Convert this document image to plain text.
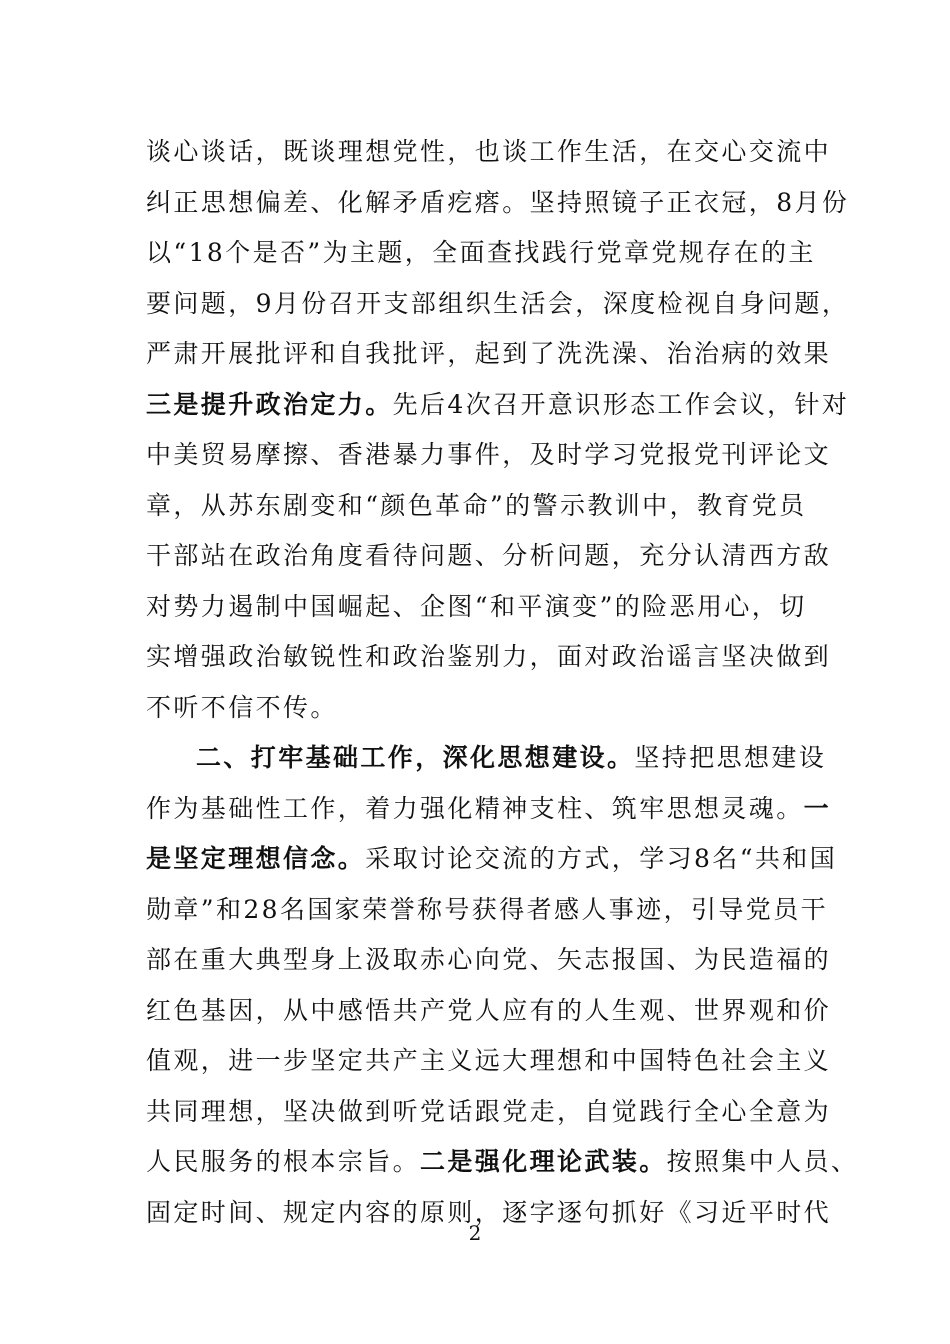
谈心谈话，既谈理想党性，也谈工作生活，在交心交流中
纠正思想偏差、化解矛盾疙瘩。坚持照镜子正衣冠，8月份
以“18个是否”为主题，全面查找践行党章党规存在的主
要问题，9月份召开支部组织生活会，深度检视自身问题，
严肃开展批评和自我批评，起到了洗洗澡、治治病的效果
三是提升政治定力。先后4次召开意识形态工作会议，针对
中美贸易摩擦、香港暴力事件，及时学习党报党刊评论文
章，从苏东剧变和“颜色革命”的警示教训中，教育党员
干部站在政治角度看待问题、分析问题，充分认清西方敌
对势力遏制中国崛起、企图“和平演变”的险恶用心，切
实增强政治敏锐性和政治鉴别力，面对政治谣言坚决做到
不听不信不传。
二、打牢基础工作，深化思想建设。坚持把思想建设
作为基础性工作，着力强化精神支柱、筑牢思想灵魂。一
是坚定理想信念。采取讨论交流的方式，学习8名“共和国
勋章”和28名国家荣誉称号获得者感人事迹，引导党员干
部在重大典型身上汲取赤心向党、矢志报国、为民造福的
红色基因，从中感悟共产党人应有的人生观、世界观和价
值观，进一步坚定共产主义远大理想和中国特色社会主义
共同理想，坚决做到听党话跟党走，自觉践行全心全意为
人民服务的根本宗旨。二是强化理论武装。按照集中人员、
固定时间、规定内容的原则，逐字逐句抓好《习近平时代
2
